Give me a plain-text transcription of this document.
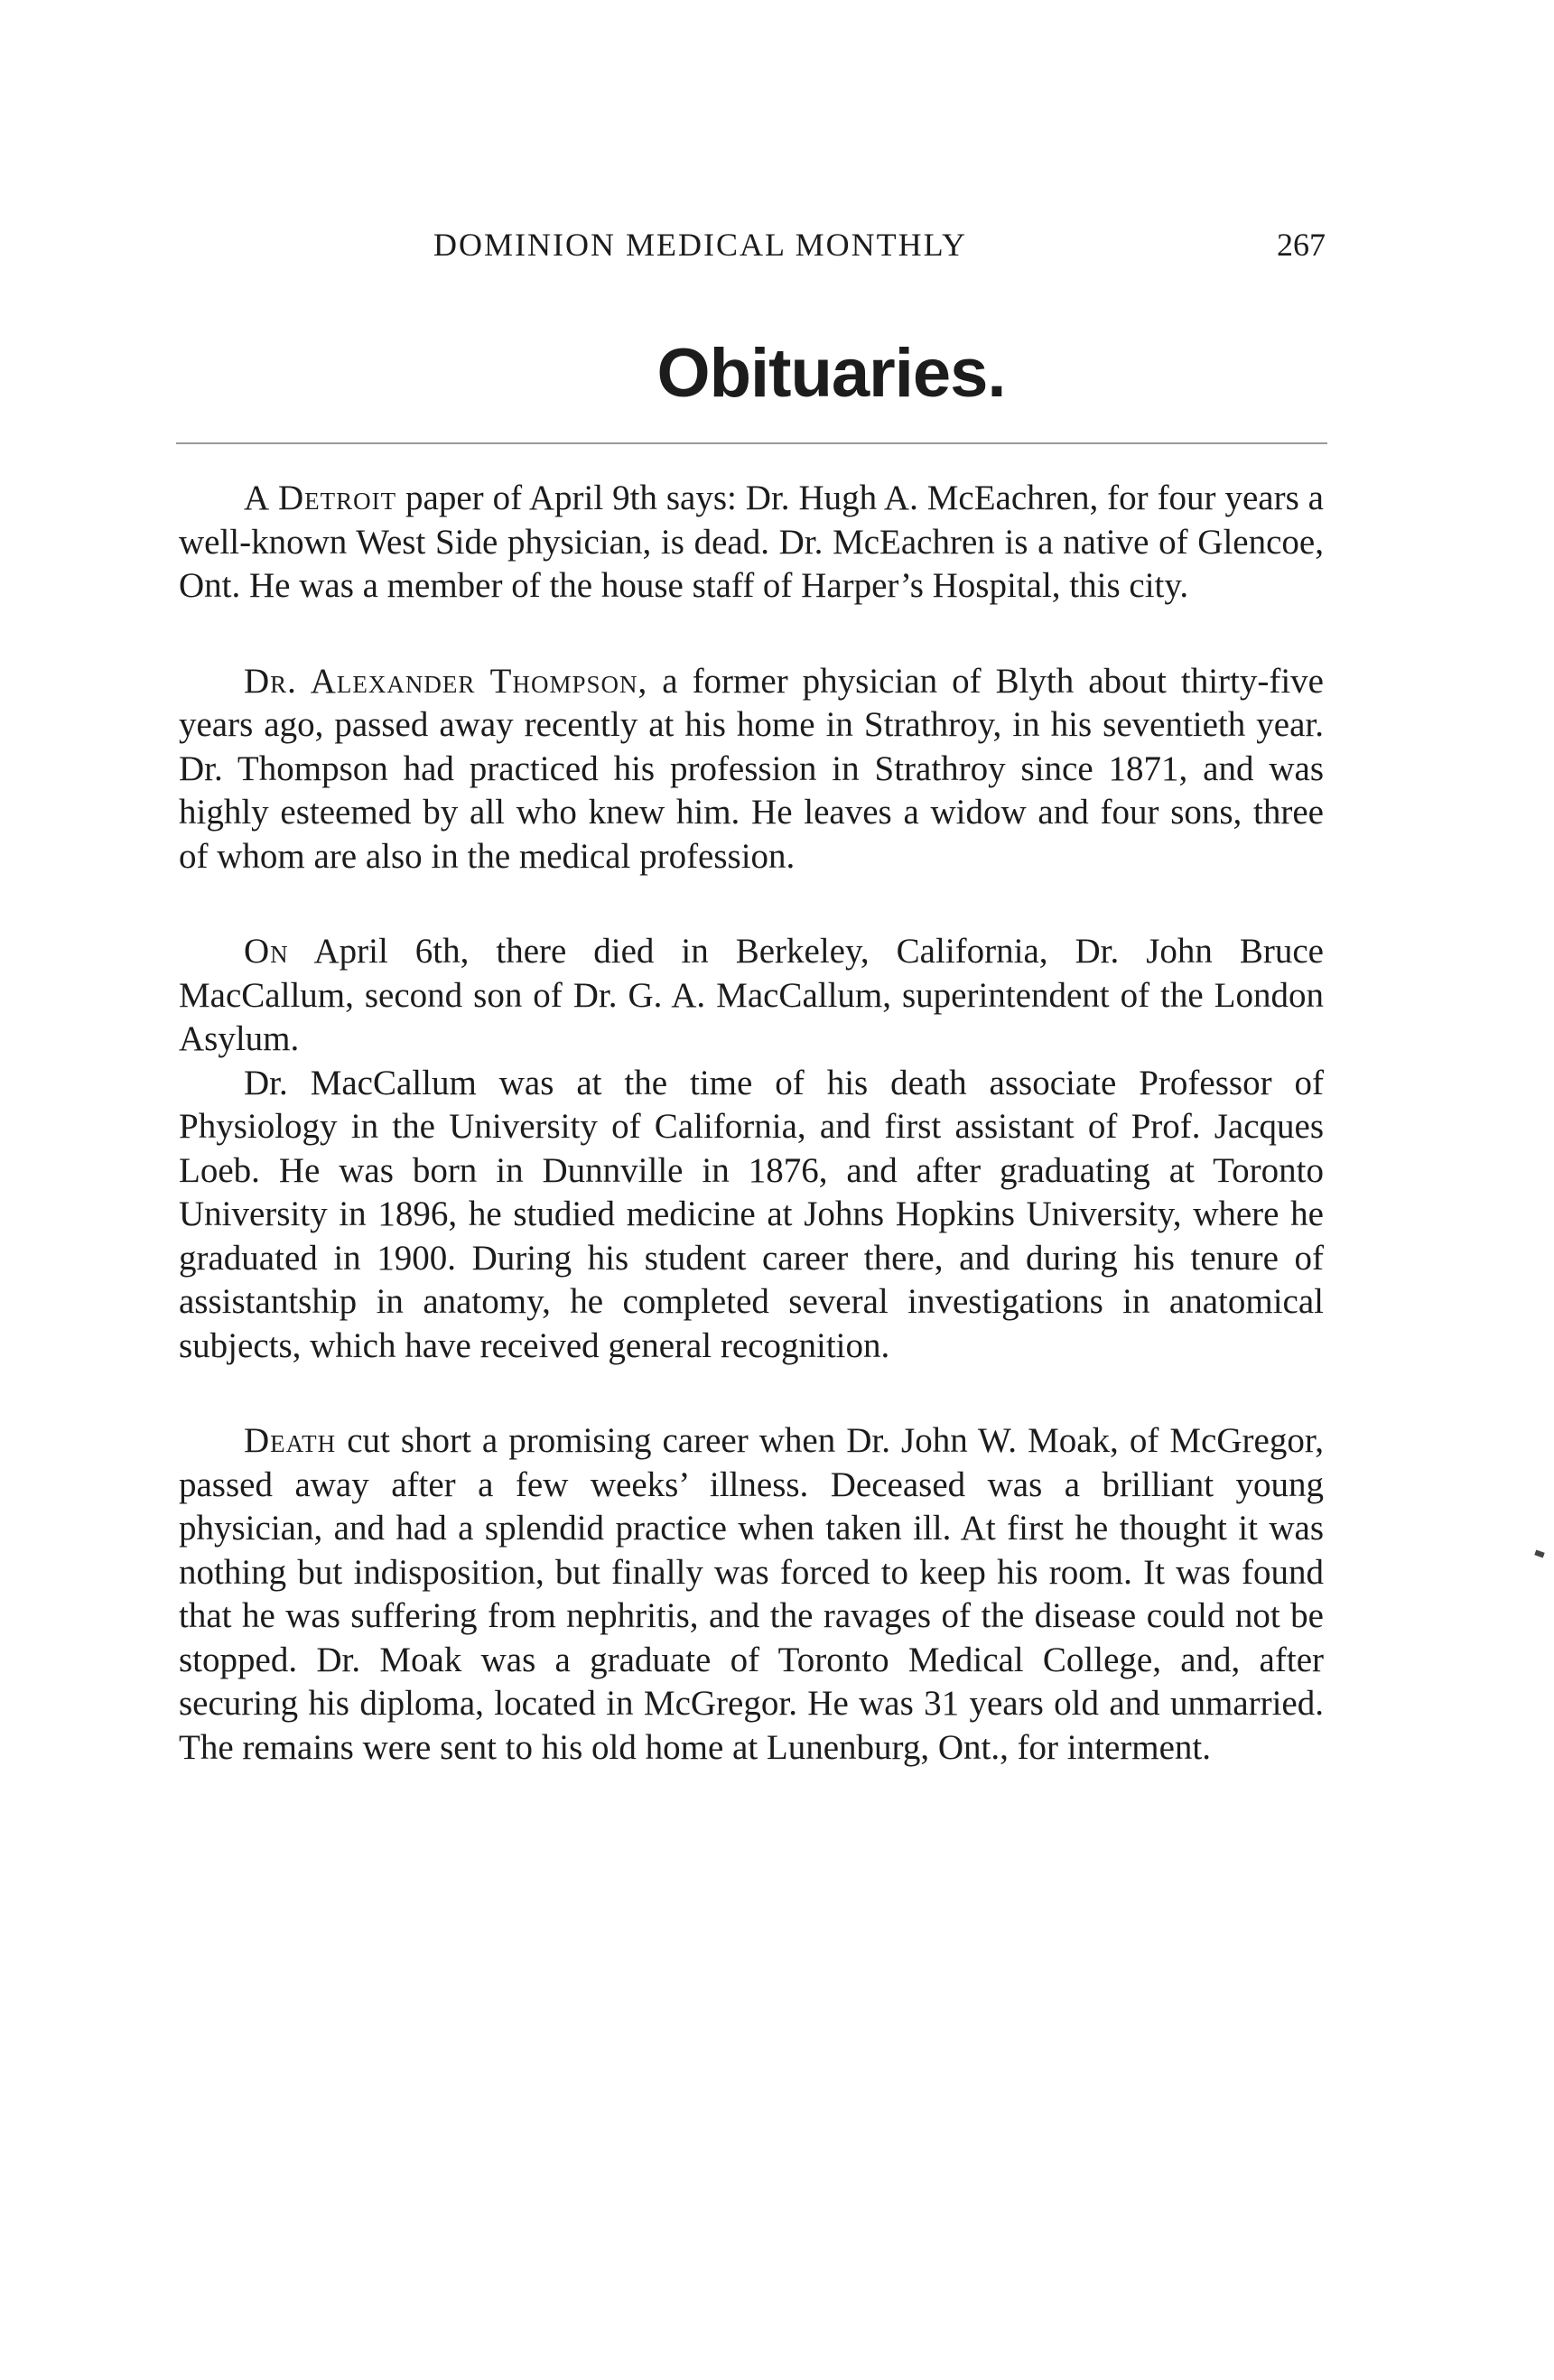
DOMINION MEDICAL MONTHLY	267
Obituaries.

A Detroit paper of April 9th says: Dr. Hugh A. McEachren, for four years a well-known West Side physician, is dead. Dr. McEachren is a native of Glencoe, Ont. He was a member of the house staff of Harper’s Hospital, this city.

Dr. Alexander Thompson, a former physician of Blyth about thirty-five years ago, passed away recently at his home in Strathroy, in his seventieth year. Dr. Thompson had practiced his profession in Strathroy since 1871, and was highly esteemed by all who knew him. He leaves a widow and four sons, three of whom are also in the medical profession.

On April 6th, there died in Berkeley, California, Dr. John Bruce MacCallum, second son of Dr. G. A. MacCallum, superintendent of the London Asylum.

Dr. MacCallum was at the time of his death associate Professor of Physiology in the University of California, and first assistant of Prof. Jacques Loeb. He was born in Dunnville in 1876, and after graduating at Toronto University in 1896, he studied medicine at Johns Hopkins University, where he graduated in 1900. During his student career there, and during his tenure of assistantship in anatomy, he completed several investigations in anatomical subjects, which have received general recognition.

Death cut short a promising career when Dr. John W. Moak, of McGregor, passed away after a few weeks’ illness. Deceased was a brilliant young physician, and had a splendid practice when taken ill. At first he thought it was nothing but indisposition, but finally was forced to keep his room. It was found that he was suffering from nephritis, and the ravages of the disease could not be stopped. Dr. Moak was a graduate of Toronto Medical College, and, after securing his diploma, located in McGregor. He was 31 years old and unmarried. The remains were sent to his old home at Lunenburg, Ont., for interment.
